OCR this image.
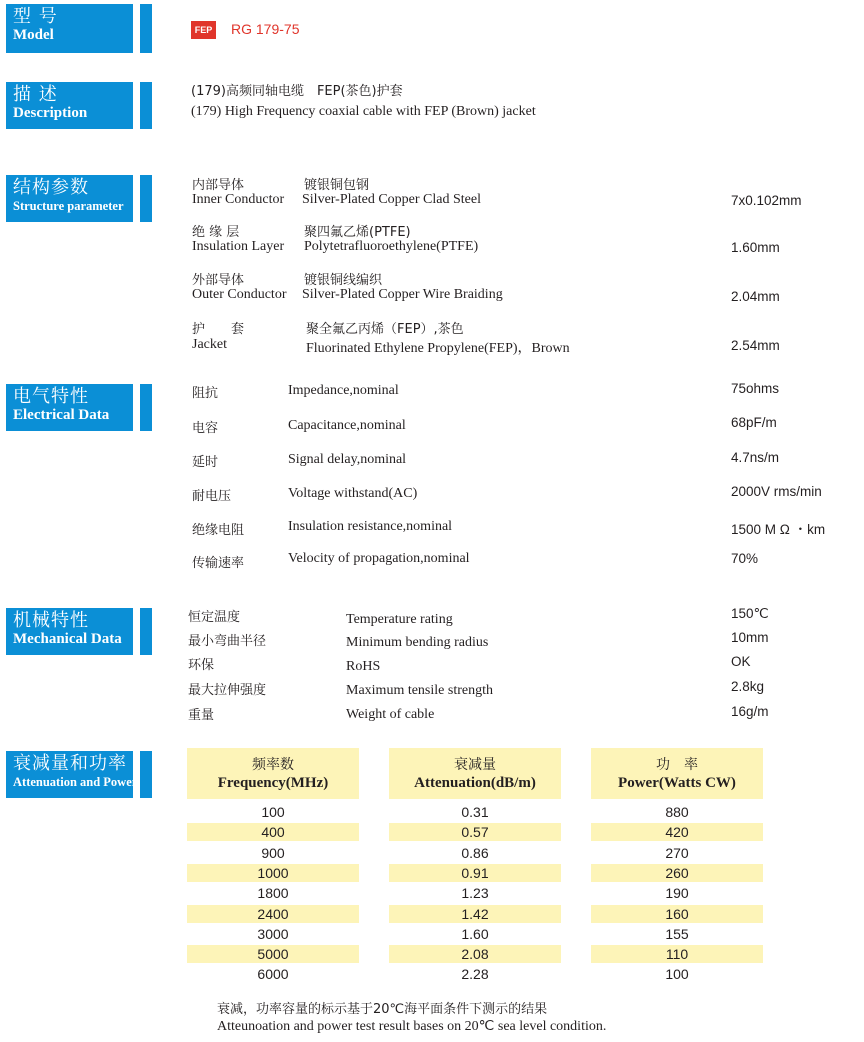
型 号
Model	FEP RG 179-75
描 述
Description
(179)高频同轴电缆　FEP(茶色)护套
(179) High Frequency coaxial cable with FEP (Brown) jacket
结构参数
Structure parameter
内部导体	镀银铜包钢
Inner Conductor Silver-Plated Copper Clad Steel	7x0.102mm
绝 缘 层	聚四氟乙烯(PTFE)
Insulation Layer Polytetrafluoroethylene(PTFE)	1.60mm
外部导体	镀银铜线编织
Outer Conductor Silver-Plated Copper Wire Braiding	2.04mm
护　　套	聚全氟乙丙烯（FEP）,茶色
Jacket	Fluorinated Ethylene Propylene(FEP)，Brown	2.54mm
电气特性
Electrical Data
阻抗	Impedance,nominal	75ohms
电容	Capacitance,nominal	68pF/m
延时	Signal delay,nominal	4.7ns/m
耐电压	Voltage withstand(AC)	2000V rms/min
绝缘电阻	Insulation resistance,nominal	1500 M Ω ・km
传输速率	Velocity of propagation,nominal	70%
机械特性
Mechanical Data
恒定温度	Temperature rating	150℃
最小弯曲半径	Minimum bending radius	10mm
环保	RoHS	OK
最大拉伸强度	Maximum tensile strength	2.8kg
重量	Weight of cable	16g/m
衰减量和功率
Attenuation and Power
频率数
Frequency(MHz)
衰减量
Attenuation(dB/m)
功　率
Power(Watts CW)
100	0.31	880
400	0.57	420
900	0.86	270
1000	0.91	260
1800	1.23	190
2400	1.42	160
3000	1.60	155
5000	2.08	110
6000	2.28	100
衰减，功率容量的标示基于20℃海平面条件下测示的结果
Atteunoation and power test result bases on 20℃ sea level condition.
